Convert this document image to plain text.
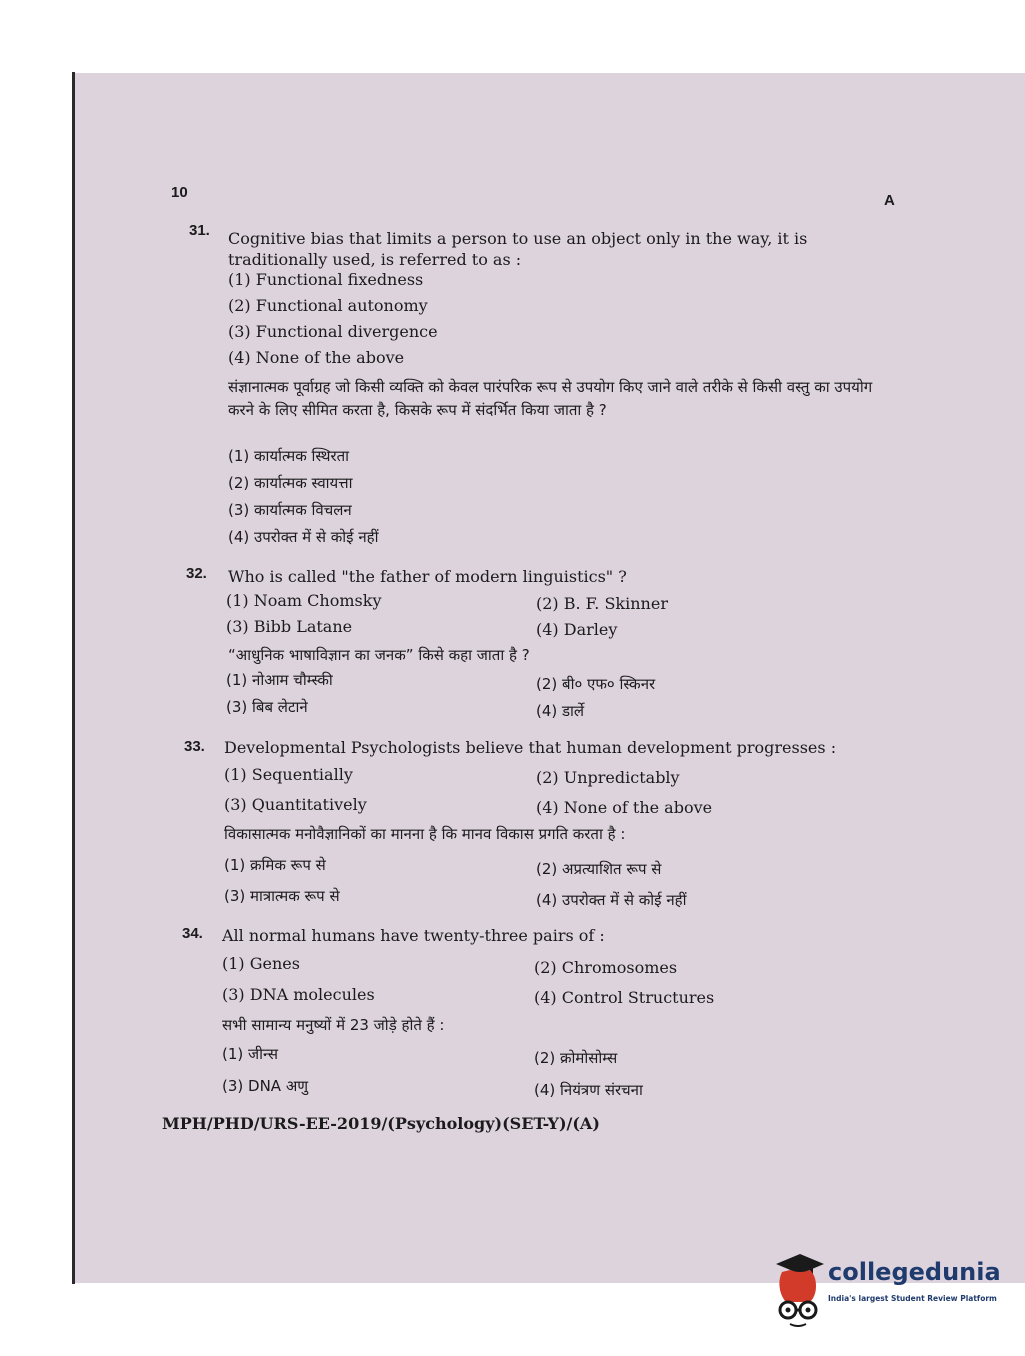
10	A
31. Cognitive bias that limits a person to use an object only in the way, it is traditionally used, is referred to as :
(1) Functional fixedness
(2) Functional autonomy
(3) Functional divergence
(4) None of the above
संज्ञानात्मक पूर्वाग्रह जो किसी व्यक्ति को केवल पारंपरिक रूप से उपयोग किए जाने वाले तरीके से किसी वस्तु का उपयोग करने के लिए सीमित करता है, किसके रूप में संदर्भित किया जाता है ?
(1) कार्यात्मक स्थिरता
(2) कार्यात्मक स्वायत्ता
(3) कार्यात्मक विचलन
(4) उपरोक्त में से कोई नहीं
32. Who is called "the father of modern linguistics" ?
(1) Noam Chomsky	(2) B. F. Skinner
(3) Bibb Latane	(4) Darley
“आधुनिक भाषाविज्ञान का जनक” किसे कहा जाता है ?
(1) नोआम चौम्स्की	(2) बी० एफ० स्किनर
(3) बिब लेटाने	(4) डार्ले
33. Developmental Psychologists believe that human development progresses :
(1) Sequentially	(2) Unpredictably
(3) Quantitatively	(4) None of the above
विकासात्मक मनोवैज्ञानिकों का मानना है कि मानव विकास प्रगति करता है :
(1) क्रमिक रूप से	(2) अप्रत्याशित रूप से
(3) मात्रात्मक रूप से	(4) उपरोक्त में से कोई नहीं
34. All normal humans have twenty-three pairs of :
(1) Genes	(2) Chromosomes
(3) DNA molecules	(4) Control Structures
सभी सामान्य मनुष्यों में 23 जोड़े होते हैं :
(1) जीन्स	(2) क्रोमोसोम्स
(3) DNA अणु	(4) नियंत्रण संरचना
MPH/PHD/URS-EE-2019/(Psychology)(SET-Y)/(A)
collegedunia
India's largest Student Review Platform
